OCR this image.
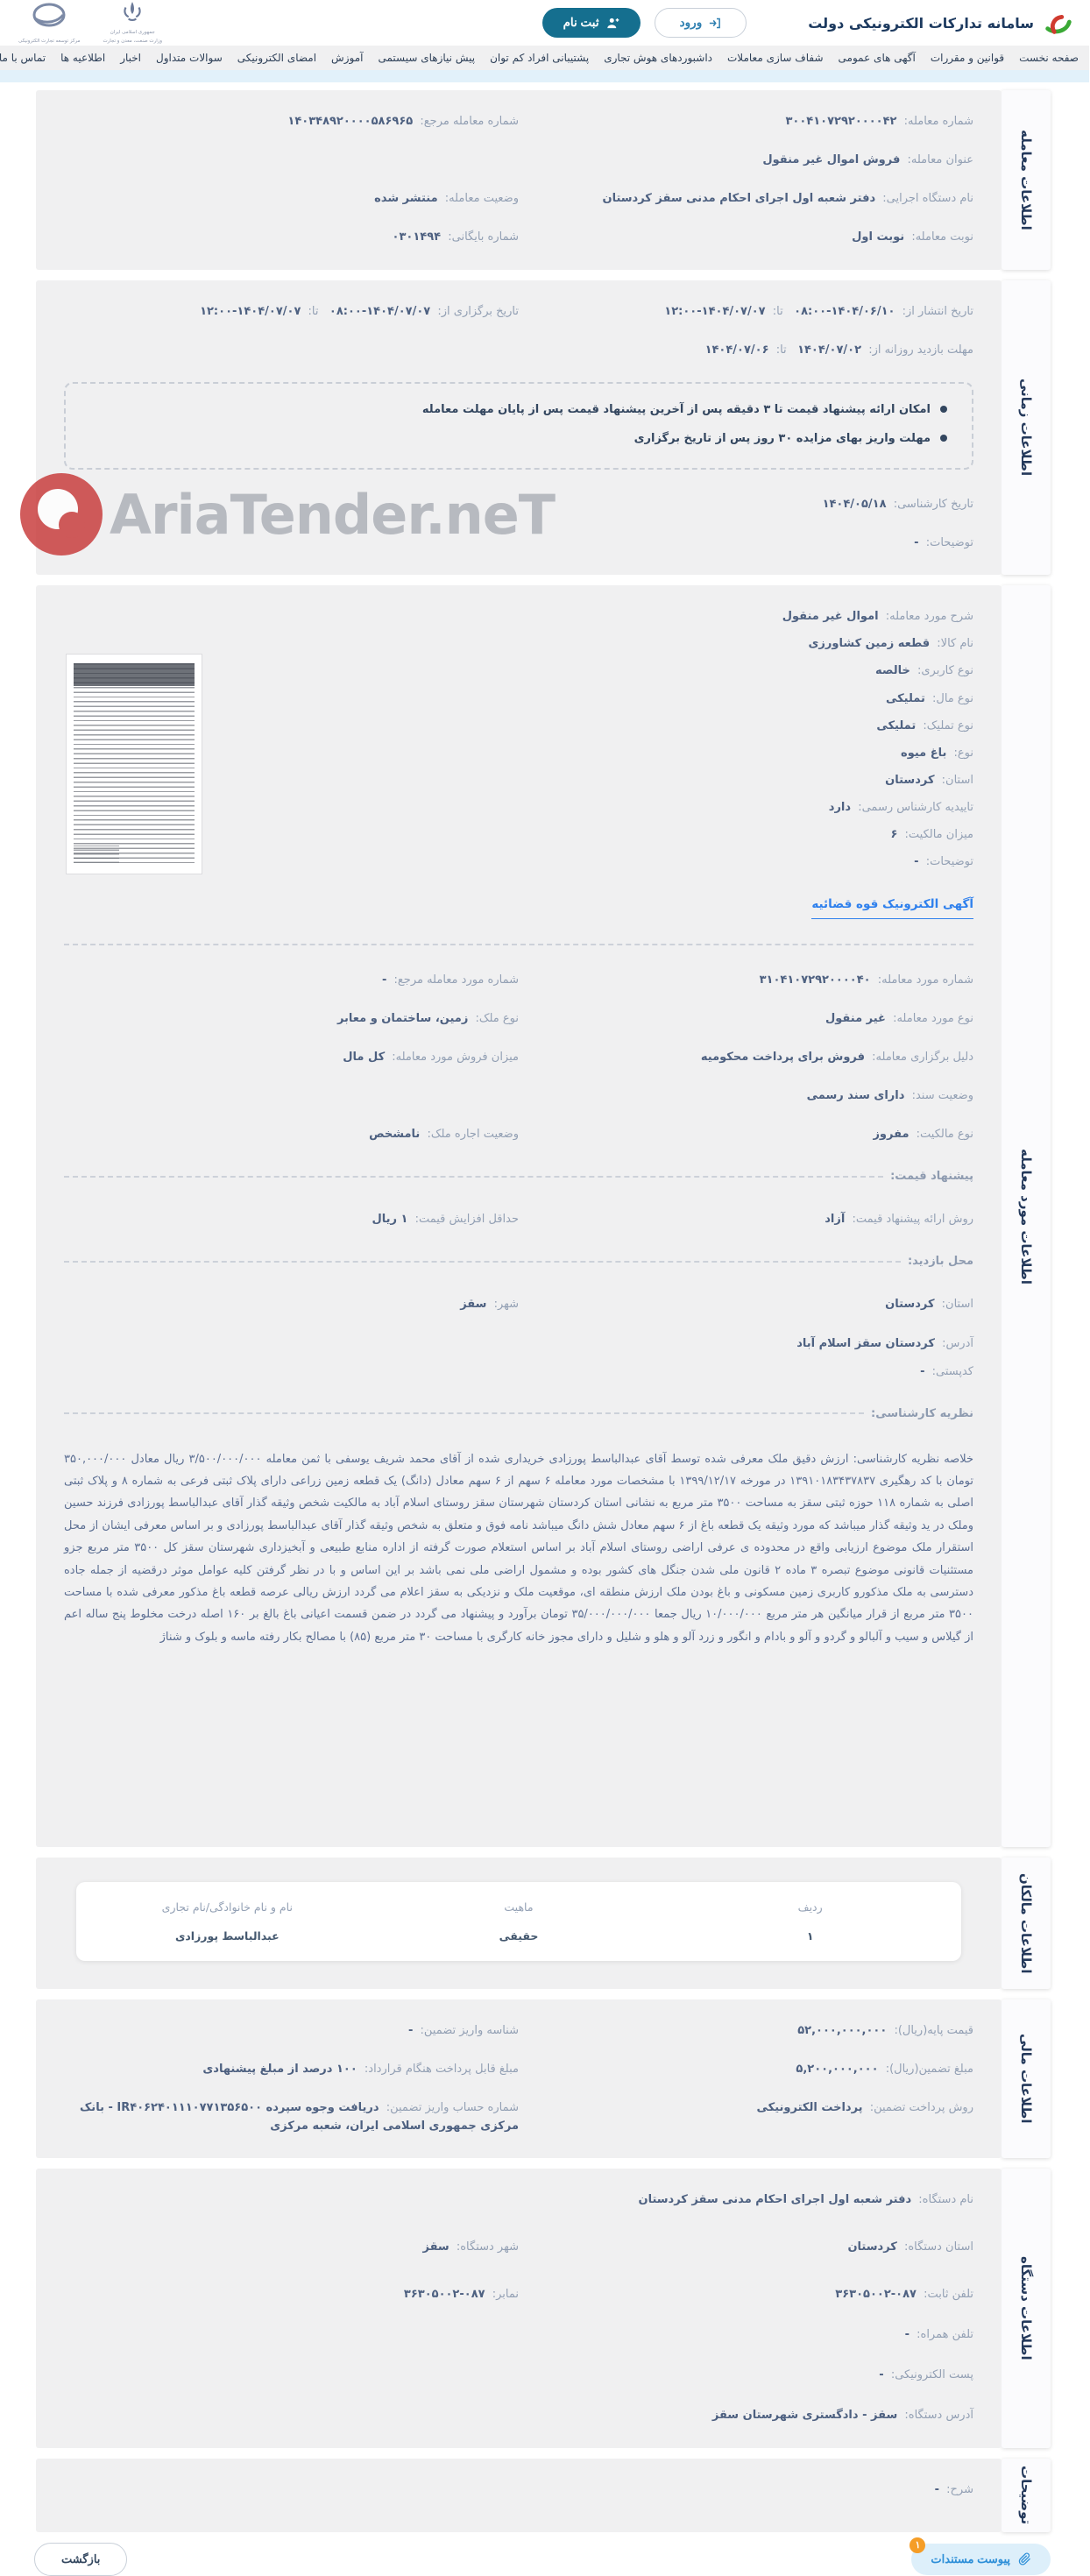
سامانه تدارکات الکترونیکی دولت
ورود
ثبت نام
مرکز توسعه تجارت الکترونیکی
جمهوری اسلامی ایران
وزارت صنعت، معدن و تجارت
صفحه نخست
قوانین و مقررات
آگهی های عمومی
شفاف سازی معاملات
داشبوردهای هوش تجاری
پشتیبانی افراد کم توان
پیش نیازهای سیستمی
آموزش
امضای الکترونیکی
سوالات متداول
اخبار
اطلاعیه ها
تماس با ما
AriaTender.neT
اطلاعات معامله
شماره معامله: ۳۰۰۴۱۰۷۲۹۲۰۰۰۰۴۲
شماره معامله مرجع: ۱۴۰۳۴۸۹۲۰۰۰۰۵۸۶۹۶۵
عنوان معامله: فروش اموال غیر منقول
نام دستگاه اجرایی: دفتر شعبه اول اجرای احکام مدنی سقز کردستان
وضعیت معامله: منتشر شده
نوبت معامله: نوبت اول
شماره بایگانی: ۰۳۰۱۴۹۴
اطلاعات زمانی
تاریخ انتشار از: ۱۴۰۴/۰۶/۱۰-۰۸:۰۰   تا: ۱۴۰۴/۰۷/۰۷-۱۲:۰۰
تاریخ برگزاری از: ۱۴۰۴/۰۷/۰۷-۰۸:۰۰   تا: ۱۴۰۴/۰۷/۰۷-۱۲:۰۰
مهلت بازدید روزانه از: ۱۴۰۴/۰۷/۰۲   تا: ۱۴۰۴/۰۷/۰۶
امکان ارائه پیشنهاد قیمت تا ۳ دقیقه پس از آخرین پیشنهاد قیمت پس از پایان مهلت معامله
مهلت واریز بهای مزایده ۳۰ روز پس از تاریخ برگزاری
تاریخ کارشناسی: ۱۴۰۴/۰۵/۱۸
توضیحات: -
اطلاعات مورد معامله
شرح مورد معامله: اموال غیر منقول
نام کالا: قطعه زمین کشاورزی
نوع کاربری: خالصه
نوع مال: تملیکی
نوع تملیک: تملیکی
نوع: باغ میوه
استان: کردستان
تاییدیه کارشناس رسمی: دارد
میزان مالکیت: ۶
توضیحات: -
آگهی الکترونیک قوه قضائیه
شماره مورد معامله: ۳۱۰۴۱۰۷۲۹۲۰۰۰۰۴۰
شماره مورد معامله مرجع: -
نوع مورد معامله: غیر منقول
نوع ملک: زمین، ساختمان و معابر
دلیل برگزاری معامله: فروش برای پرداخت محکومیه
میزان فروش مورد معامله: کل مال
وضعیت سند: دارای سند رسمی
نوع مالکیت: مفروز
وضعیت اجاره ملک: نامشخص
پیشنهاد قیمت:
روش ارائه پیشنهاد قیمت: آزاد
حداقل افزایش قیمت: ۱ ریال
محل بازدید:
استان: کردستان
شهر: سقز
آدرس: کردستان سقز اسلام آباد
کدپستی: -
نظریه کارشناسی:

خلاصه نظریه کارشناسی: ارزش دقیق ملک معرفی شده توسط آقای عبدالباسط پورزادی خریداری شده از آقای محمد شریف یوسفی با ثمن معامله ۳/۵۰۰/۰۰۰/۰۰۰ ریال معادل ۳۵۰,۰۰۰/۰۰۰ تومان با کد رهگیری ۱۳۹۱۰۱۸۳۴۳۷۸۳۷ در مورخه ۱۳۹۹/۱۲/۱۷ با مشخصات مورد معامله ۶ سهم از ۶ سهم معادل (دانگ) یک قطعه زمین زراعی دارای پلاک ثبتی فرعی به شماره ۸ و پلاک ثبتی اصلی به شماره ۱۱۸ حوزه ثبتی سقز به مساحت ۳۵۰۰ متر مربع به نشانی استان کردستان شهرستان سقز روستای اسلام آباد به مالکیت شخص وثیقه گذار آقای عبدالباسط پورزادی فرزند حسین وملک در ید وثیقه گذار میباشد که مورد وثیقه یک قطعه باغ از ۶ سهم معادل شش دانگ میباشد نامه فوق و متعلق به شخص وثیقه گذار آقای عبدالباسط پورزادی و بر اساس معرفی ایشان از محل استقرار ملک موضوع ارزیابی واقع در محدوده ی عرفی اراضی روستای اسلام آباد بر اساس استعلام صورت گرفته از اداره منابع طبیعی و آبخیزداری شهرستان سقز کل ۳۵۰۰ متر مربع جزو مستثنیات قانونی موضوع تبصره ۳ ماده ۲ قانون ملی شدن جنگل های کشور بوده و مشمول اراضی ملی نمی باشد بر این اساس و با در نظر گرفتن کلیه عوامل موثر درقضیه از جمله جاده دسترسی به ملک مذکورو کاربری زمین مسکونی و باغ بودن ملک ارزش منطقه ای، موقعیت ملک و نزدیکی به سقز اعلام می گردد ارزش ریالی عرصه قطعه باغ مذکور معرفی شده با مساحت ۳۵۰۰ متر مربع از قرار میانگین هر متر مربع ۱۰/۰۰۰/۰۰۰ ریال جمعا ۳۵/۰۰۰/۰۰۰/۰۰۰ تومان برآورد و پیشنهاد می گردد در ضمن قسمت اعیانی باغ بالغ بر ۱۶۰ اصله درخت مخلوط پنج ساله اعم از گیلاس و سیب و آلبالو و گردو و آلو و بادام و انگور و زرد آلو و هلو و شلیل و دارای مجوز خانه کارگری با مساحت ۳۰ متر مربع (۸۵) با مصالح بکار رفته ماسه و بلوک و شناژ

اطلاعات مالکان
ردیف
ماهیت
نام و نام خانوادگی/نام تجاری
۱
حقیقی
عبدالباسط پورزادی
اطلاعات مالی
قیمت پایه(ریال): ۵۲,۰۰۰,۰۰۰,۰۰۰
شناسه واریز تضمین: -
مبلغ تضمین(ریال): ۵,۲۰۰,۰۰۰,۰۰۰
مبلغ قابل پرداخت هنگام قرارداد: ۱۰۰ درصد از مبلغ پیشنهادی
روش پرداخت تضمین: پرداخت الکترونیکی
شماره حساب واریز تضمین: دریافت وجوه سپرده IR۴۰۶۲۴۰۱۱۱۰۷۷۱۳۵۶۵۰۰ - بانک مرکزی جمهوری اسلامی ایران، شعبه مرکزی
اطلاعات دستگاه
نام دستگاه: دفتر شعبه اول اجرای احکام مدنی سقز کردستان
استان دستگاه: کردستان
شهر دستگاه: سقز
تلفن ثابت: ۰۸۷-۳۶۳۰۵۰۰۲
نمابر: ۰۸۷-۳۶۳۰۵۰۰۲
تلفن همراه: -
پست الکترونیکی: -
آدرس دستگاه: سقز - دادگستری شهرستان سقز
توضیحات
شرح: -
۱
پیوست مستندات
بازگشت
